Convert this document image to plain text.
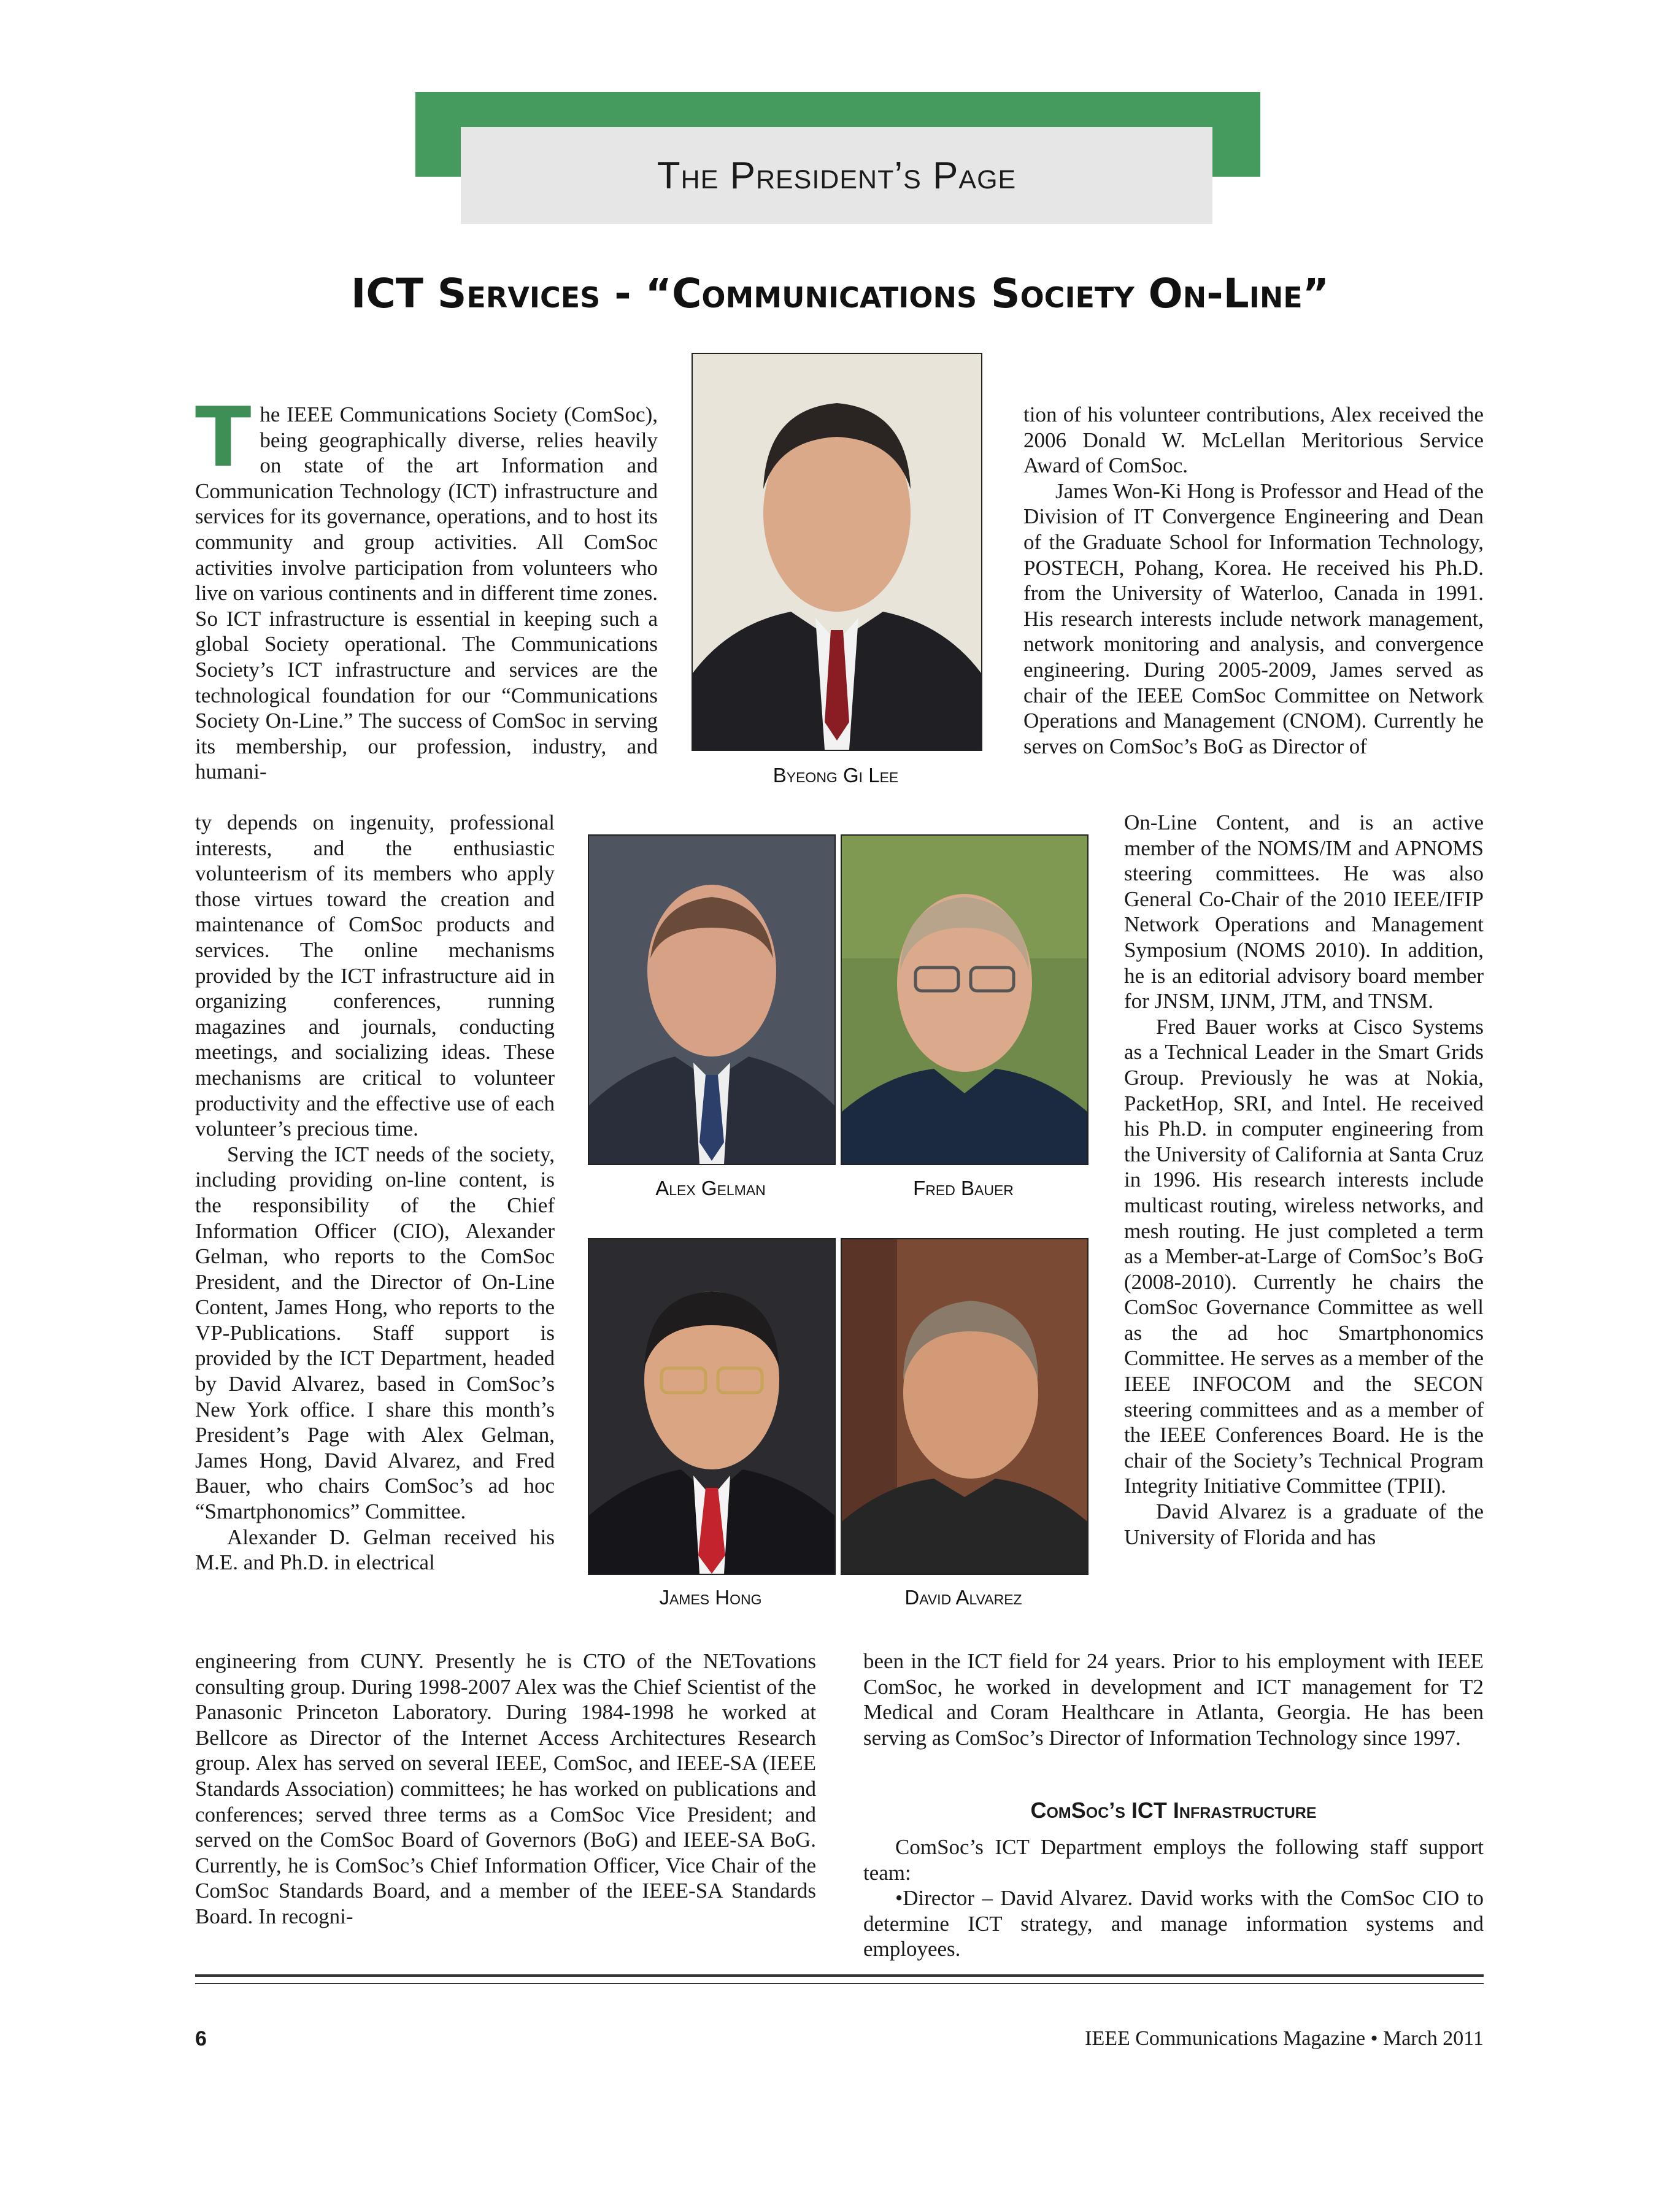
The President’s Page
ICT Services - “Communications Society On-Line”
T he IEEE Communications Society (ComSoc), being geographically diverse, relies heavily on state of the art Information and Communication Technology (ICT) infrastructure and services for its governance, operations, and to host its community and group activities. All ComSoc activities involve participation from volunteers who live on various continents and in different time zones. So ICT infrastructure is essential in keeping such a global Society operational. The Communications Society’s ICT infrastructure and services are the technological foundation for our “Communications Society On-Line.” The success of ComSoc in serving its membership, our profession, industry, and humani-

ty depends on ingenuity, professional interests, and the enthusiastic volunteerism of its members who apply those virtues toward the creation and maintenance of ComSoc products and services. The online mechanisms provided by the ICT infrastructure aid in organizing conferences, running magazines and journals, conducting meetings, and socializing ideas. These mechanisms are critical to volunteer productivity and the effective use of each volunteer’s precious time.

Serving the ICT needs of the society, including providing on-line content, is the responsibility of the Chief Information Officer (CIO), Alexander Gelman, who reports to the ComSoc President, and the Director of On-Line Content, James Hong, who reports to the VP-Publications. Staff support is provided by the ICT Department, headed by David Alvarez, based in ComSoc’s New York office. I share this month’s President’s Page with Alex Gelman, James Hong, David Alvarez, and Fred Bauer, who chairs ComSoc’s ad hoc “Smartphonomics” Committee.

Alexander D. Gelman received his M.E. and Ph.D. in electrical

engineering from CUNY. Presently he is CTO of the NETovations consulting group. During 1998-2007 Alex was the Chief Scientist of the Panasonic Princeton Laboratory. During 1984-1998 he worked at Bellcore as Director of the Internet Access Architectures Research group. Alex has served on several IEEE, ComSoc, and IEEE-SA (IEEE Standards Association) committees; he has worked on publications and conferences; served three terms as a ComSoc Vice President; and served on the ComSoc Board of Governors (BoG) and IEEE-SA BoG. Currently, he is ComSoc’s Chief Information Officer, Vice Chair of the ComSoc Standards Board, and a member of the IEEE-SA Standards Board. In recogni-

tion of his volunteer contributions, Alex received the 2006 Donald W. McLellan Meritorious Service Award of ComSoc.

James Won-Ki Hong is Professor and Head of the Division of IT Convergence Engineering and Dean of the Graduate School for Information Technology, POSTECH, Pohang, Korea. He received his Ph.D. from the University of Waterloo, Canada in 1991. His research interests include network management, network monitoring and analysis, and convergence engineering. During 2005-2009, James served as chair of the IEEE ComSoc Committee on Network Operations and Management (CNOM). Currently he serves on ComSoc’s BoG as Director of

On-Line Content, and is an active member of the NOMS/IM and APNOMS steering committees. He was also General Co-Chair of the 2010 IEEE/IFIP Network Operations and Management Symposium (NOMS 2010). In addition, he is an editorial advisory board member for JNSM, IJNM, JTM, and TNSM.

Fred Bauer works at Cisco Systems as a Technical Leader in the Smart Grids Group. Previously he was at Nokia, PacketHop, SRI, and Intel. He received his Ph.D. in computer engineering from the University of California at Santa Cruz in 1996. His research interests include multicast routing, wireless networks, and mesh routing. He just completed a term as a Member-at-Large of ComSoc’s BoG (2008-2010). Currently he chairs the ComSoc Governance Committee as well as the ad hoc Smartphonomics Committee. He serves as a member of the IEEE INFOCOM and the SECON steering committees and as a member of the IEEE Conferences Board. He is the chair of the Society’s Technical Program Integrity Initiative Committee (TPII).

David Alvarez is a graduate of the University of Florida and has

been in the ICT field for 24 years. Prior to his employment with IEEE ComSoc, he worked in development and ICT management for T2 Medical and Coram Healthcare in Atlanta, Georgia. He has been serving as ComSoc’s Director of Information Technology since 1997.

ComSoc’s ICT Infrastructure

ComSoc’s ICT Department employs the following staff support team:

•Director – David Alvarez. David works with the ComSoc CIO to determine ICT strategy, and manage information systems and employees.

Byeong Gi Lee
Alex Gelman	Fred Bauer
James Hong	David Alvarez
6	IEEE Communications Magazine • March 2011
